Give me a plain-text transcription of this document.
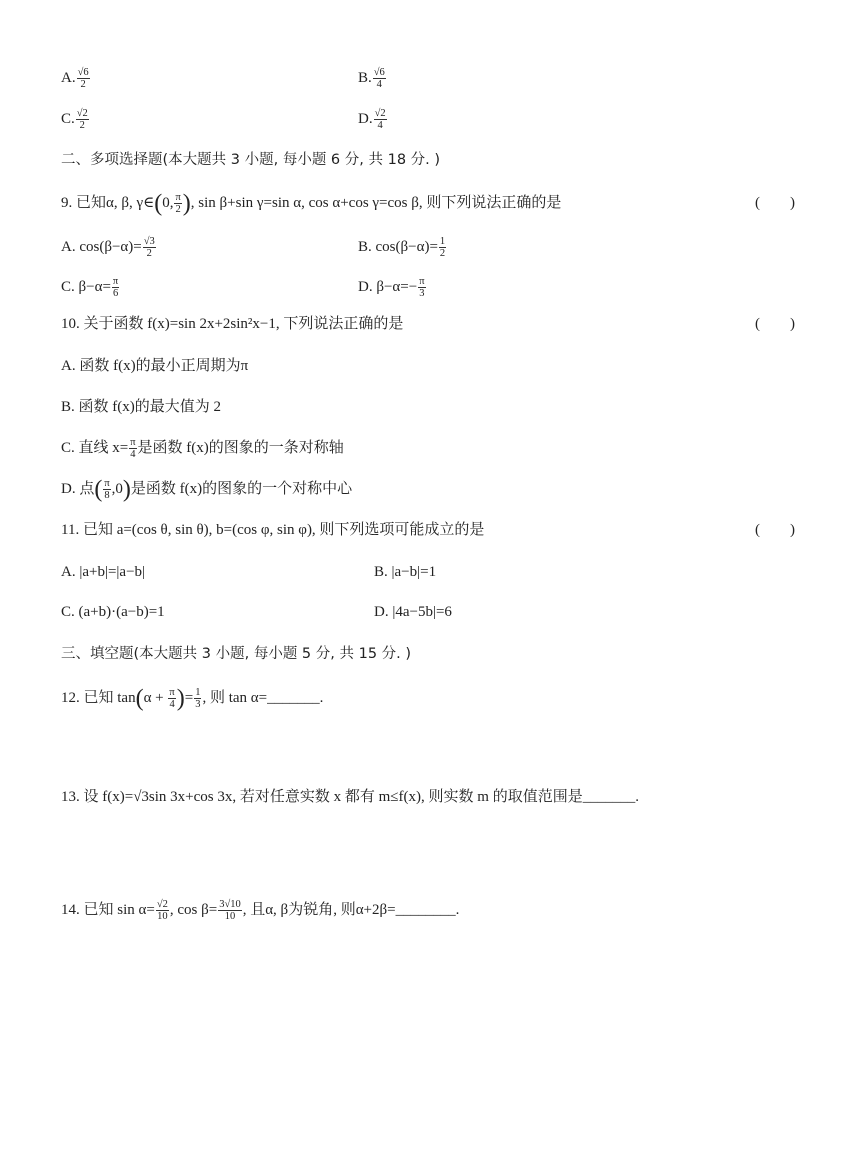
A. $\frac{√6}{2}$	B. $\frac{√6}{4}$
C. $\frac{√2}{2}$	D. $\frac{√2}{4}$
二、多项选择题(本大题共 3 小题, 每小题 6 分, 共 18 分. )
9. 已知α, β, γ∈(0, $\frac{\pi}{2}$ ), sin β+sin γ=sin α, cos α+cos γ=cos β, 则下列说法正确的是	(　　)
A. $\cos(\beta-\alpha)= \frac{√3}{2}$	B. $\cos(\beta-\alpha)= \frac{1}{2}$
C. $\beta-\alpha= \frac{\pi}{6}$	D. $\beta-\alpha=- \frac{\pi}{3}$
10. 关于函数 f(x)=sin 2x+2sin²x−1, 下列说法正确的是	(　　)
A. 函数 f(x)的最小正周期为π
B. 函数 f(x)的最大值为 2
C. 直线 $x= \frac{\pi}{4}$ 是函数 f(x)的图象的一条对称轴
D. 点( $\frac{\pi}{8} ,0$)是函数 f(x)的图象的一个对称中心
11. 已知 a=(cos θ, sin θ), b=(cos φ, sin φ), 则下列选项可能成立的是	(　　)
A. |a+b|=|a−b|	B. |a−b|=1
C. (a+b)·(a−b)=1	D. |4a−5b|=6
三、填空题(本大题共 3 小题, 每小题 5 分, 共 15 分. )
12. 已知 $\tan(\alpha + \frac{\pi}{4}$ )= $\frac{1}{3}$ , 则 tan α=_______.
13. 设 f(x)=√3sin 3x+cos 3x, 若对任意实数 x 都有 m≤f(x), 则实数 m 的取值范围是_______.
14. 已知 $\sin \alpha= \frac{√2}{10}$ , $\cos \beta= \frac{3√10}{10}$ , 且α, β为锐角, 则α+2β=________.
